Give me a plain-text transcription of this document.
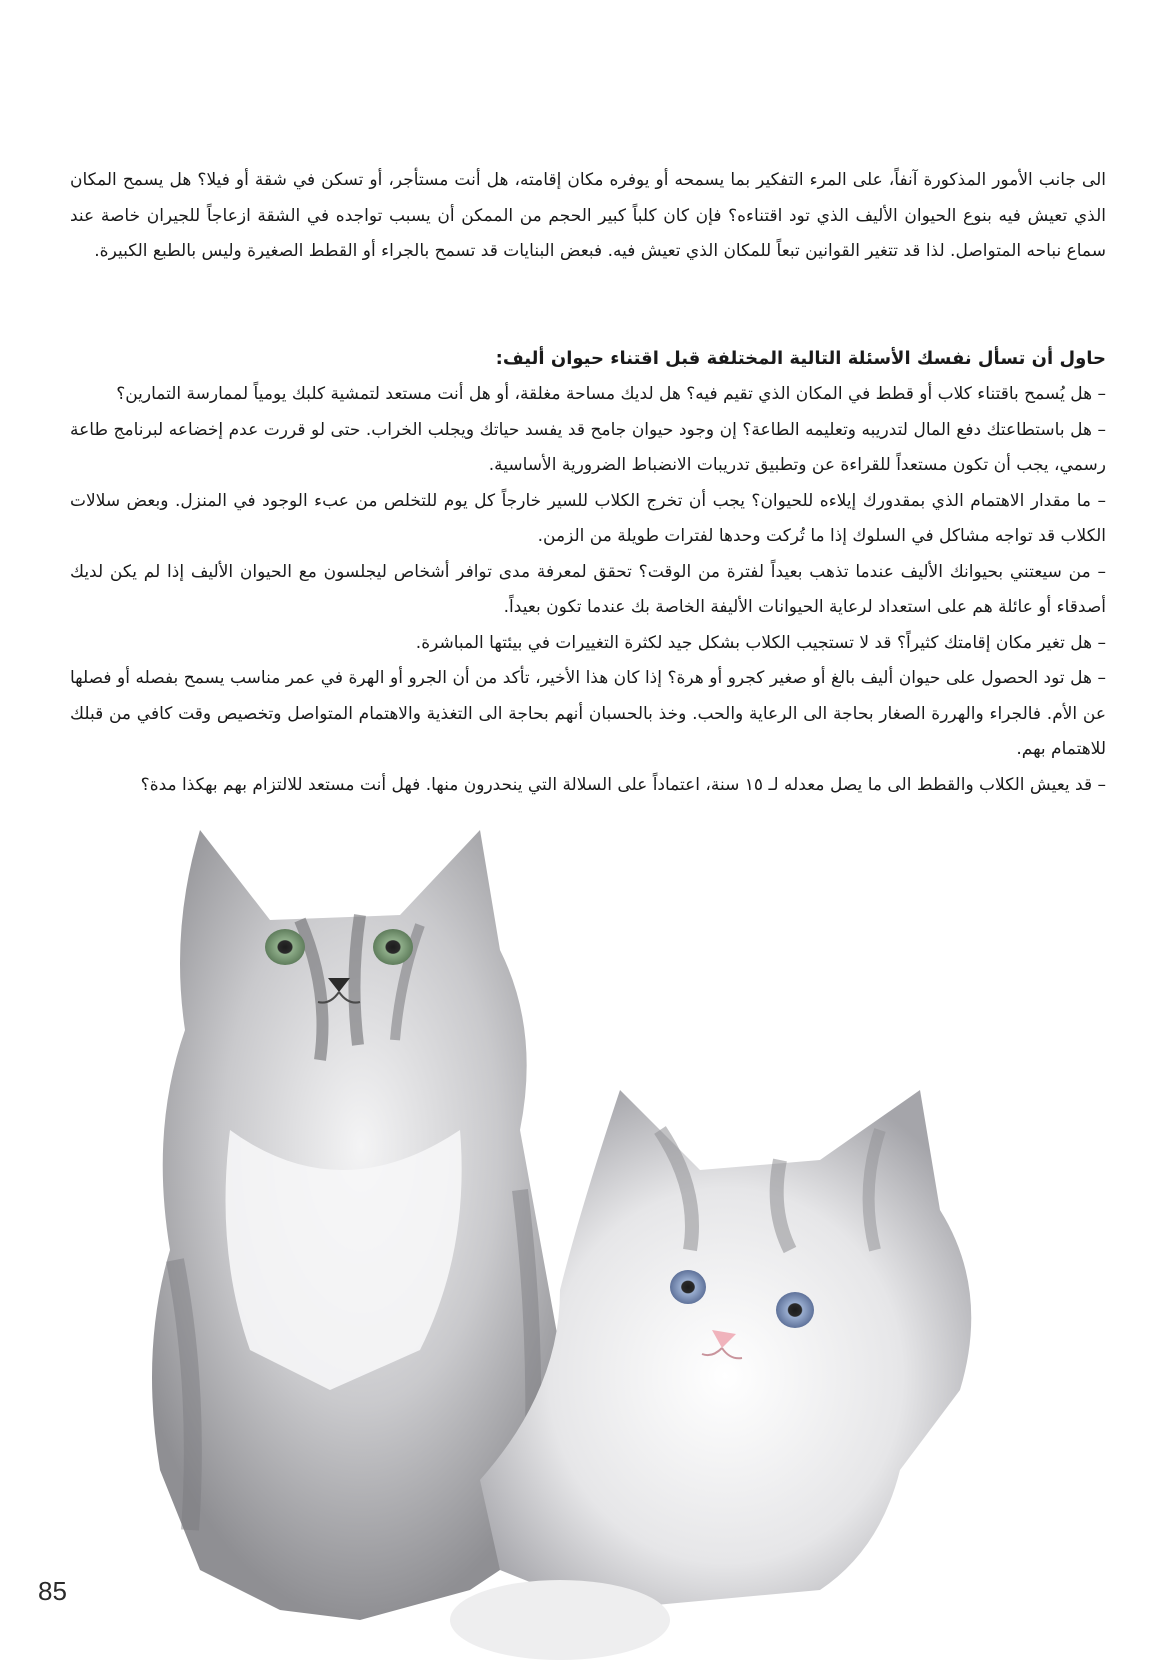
الى جانب الأمور المذكورة آنفاً، على المرء التفكير بما يسمحه أو يوفره مكان إقامته، هل أنت مستأجر، أو تسكن في شقة أو فيلا؟ هل يسمح المكان الذي تعيش فيه بنوع الحيوان الأليف الذي تود اقتناءه؟ فإن كان كلباً كبير الحجم من الممكن أن يسبب تواجده في الشقة ازعاجاً للجيران خاصة عند سماع نباحه المتواصل. لذا قد تتغير القوانين تبعاً للمكان الذي تعيش فيه. فبعض البنايات قد تسمح بالجراء أو القطط الصغيرة وليس بالطبع الكبيرة.
حاول أن تسأل نفسك الأسئلة التالية المختلفة قبل اقتناء حيوان أليف:

– هل يُسمح باقتناء كلاب أو قطط في المكان الذي تقيم فيه؟ هل لديك مساحة مغلقة، أو هل أنت مستعد لتمشية كلبك يومياً لممارسة التمارين؟

– هل باستطاعتك دفع المال لتدريبه وتعليمه الطاعة؟ إن وجود حيوان جامح قد يفسد حياتك ويجلب الخراب. حتى لو قررت عدم إخضاعه لبرنامج طاعة رسمي، يجب أن تكون مستعداً للقراءة عن وتطبيق تدريبات الانضباط الضرورية الأساسية.

– ما مقدار الاهتمام الذي بمقدورك إيلاءه للحيوان؟ يجب أن تخرج الكلاب للسير خارجاً كل يوم للتخلص من عبء الوجود في المنزل. وبعض سلالات الكلاب قد تواجه مشاكل في السلوك إذا ما تُركت وحدها لفترات طويلة من الزمن.

– من سيعتني بحيوانك الأليف عندما تذهب بعيداً لفترة من الوقت؟ تحقق لمعرفة مدى توافر أشخاص ليجلسون مع الحيوان الأليف إذا لم يكن لديك أصدقاء أو عائلة هم على استعداد لرعاية الحيوانات الأليفة الخاصة بك عندما تكون بعيداً.

– هل تغير مكان إقامتك كثيراً؟ قد لا تستجيب الكلاب بشكل جيد لكثرة التغييرات في بيئتها المباشرة.

– هل تود الحصول على حيوان أليف بالغ أو صغير كجرو أو هرة؟ إذا كان هذا الأخير، تأكد من أن الجرو أو الهرة في عمر مناسب يسمح بفصله أو فصلها عن الأم. فالجراء والهررة الصغار بحاجة الى الرعاية والحب. وخذ بالحسبان أنهم بحاجة الى التغذية والاهتمام المتواصل وتخصيص وقت كافي من قبلك للاهتمام بهم.

– قد يعيش الكلاب والقطط الى ما يصل معدله لـ ١٥ سنة، اعتماداً على السلالة التي ينحدرون منها. فهل أنت مستعد للالتزام بهم بهكذا مدة؟

85
